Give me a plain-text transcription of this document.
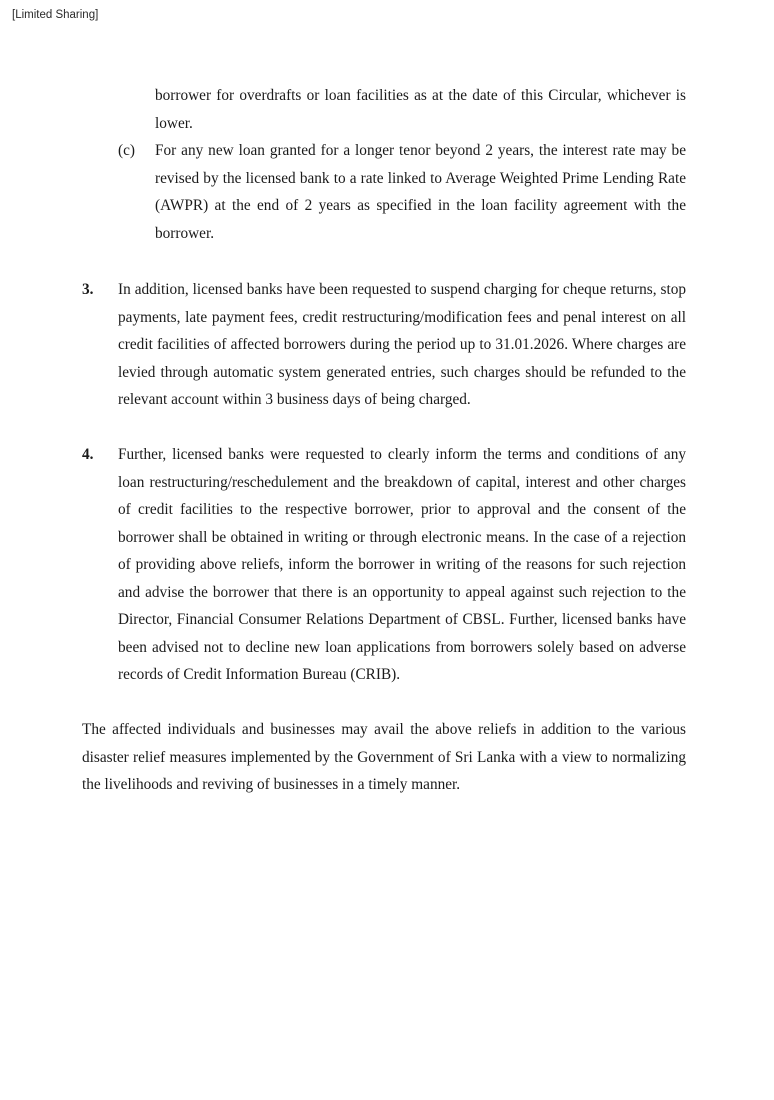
[Limited Sharing]
borrower for overdrafts or loan facilities as at the date of this Circular, whichever is lower.
(c) For any new loan granted for a longer tenor beyond 2 years, the interest rate may be revised by the licensed bank to a rate linked to Average Weighted Prime Lending Rate (AWPR) at the end of 2 years as specified in the loan facility agreement with the borrower.
3. In addition, licensed banks have been requested to suspend charging for cheque returns, stop payments, late payment fees, credit restructuring/modification fees and penal interest on all credit facilities of affected borrowers during the period up to 31.01.2026. Where charges are levied through automatic system generated entries, such charges should be refunded to the relevant account within 3 business days of being charged.
4. Further, licensed banks were requested to clearly inform the terms and conditions of any loan restructuring/reschedulement and the breakdown of capital, interest and other charges of credit facilities to the respective borrower, prior to approval and the consent of the borrower shall be obtained in writing or through electronic means. In the case of a rejection of providing above reliefs, inform the borrower in writing of the reasons for such rejection and advise the borrower that there is an opportunity to appeal against such rejection to the Director, Financial Consumer Relations Department of CBSL. Further, licensed banks have been advised not to decline new loan applications from borrowers solely based on adverse records of Credit Information Bureau (CRIB).
The affected individuals and businesses may avail the above reliefs in addition to the various disaster relief measures implemented by the Government of Sri Lanka with a view to normalizing the livelihoods and reviving of businesses in a timely manner.
